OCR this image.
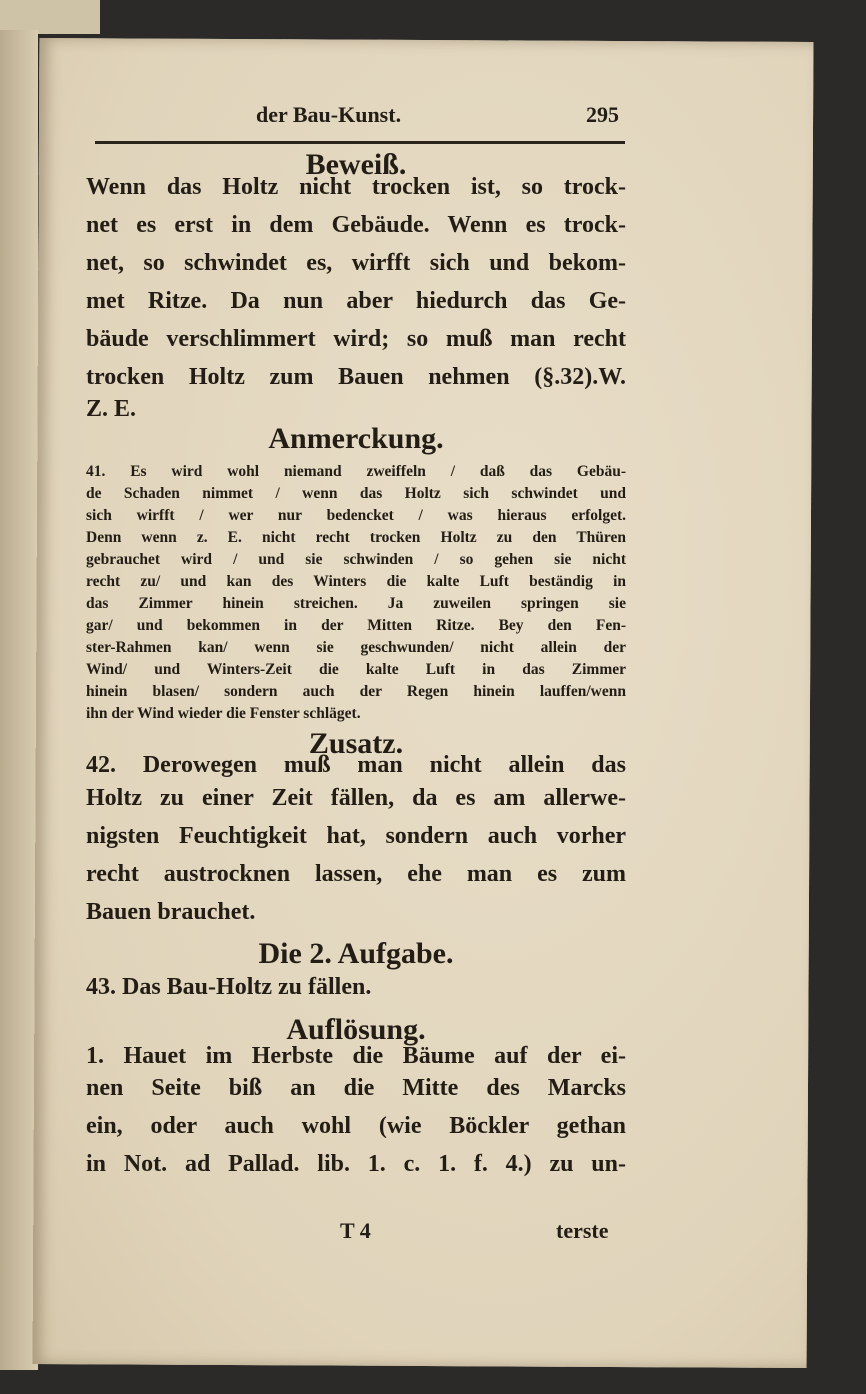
der Bau-Kunst.	295
Beweiß.
Wenn das Holtz nicht trocken ist, so trock-
net es erst in dem Gebäude. Wenn es trock-
net, so schwindet es, wirfft sich und bekom-
met Ritze. Da nun aber hiedurch das Ge-
bäude verschlimmert wird; so muß man recht
trocken Holtz zum Bauen nehmen (§.32).W.
Z. E.
Anmerckung.
41. Es wird wohl niemand zweiffeln / daß das Gebäu-
de Schaden nimmet / wenn das Holtz sich schwindet und
sich wirfft / wer nur bedencket / was hieraus erfolget.
Denn wenn z. E. nicht recht trocken Holtz zu den Thüren
gebrauchet wird / und sie schwinden / so gehen sie nicht
recht zu/ und kan des Winters die kalte Luft beständig in
das Zimmer hinein streichen. Ja zuweilen springen sie
gar/ und bekommen in der Mitten Ritze. Bey den Fen-
ster-Rahmen kan/ wenn sie geschwunden/ nicht allein der
Wind/ und Winters-Zeit die kalte Luft in das Zimmer
hinein blasen/ sondern auch der Regen hinein lauffen/wenn
ihn der Wind wieder die Fenster schläget.
Zusatz.
42. Derowegen muß man nicht allein das
Holtz zu einer Zeit fällen, da es am allerwe-
nigsten Feuchtigkeit hat, sondern auch vorher
recht austrocknen lassen, ehe man es zum
Bauen brauchet.
Die 2. Aufgabe.
43. Das Bau-Holtz zu fällen.
Auflösung.
1. Hauet im Herbste die Bäume auf der ei-
nen Seite biß an die Mitte des Marcks
ein, oder auch wohl (wie Böckler gethan
in Not. ad Pallad. lib. 1. c. 1. f. 4.) zu un-
T 4	terste
